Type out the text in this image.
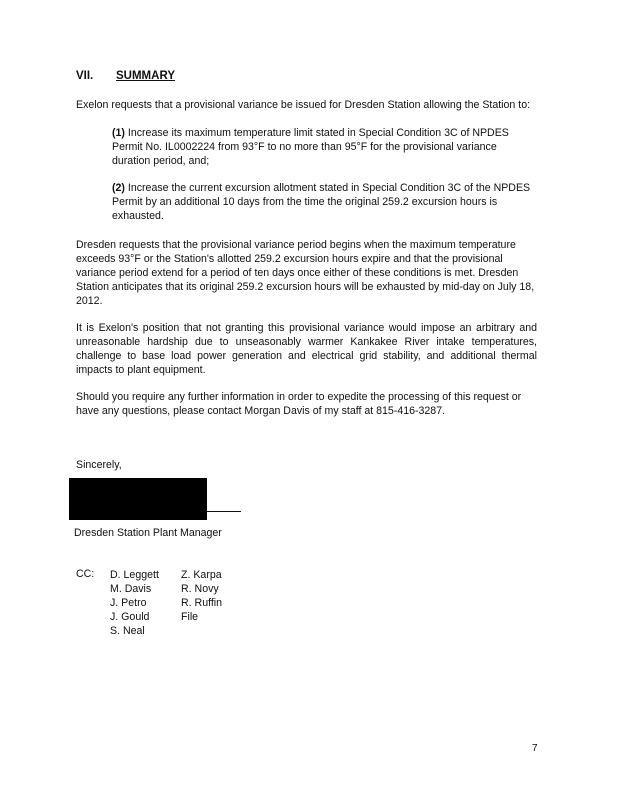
VII. SUMMARY

Exelon requests that a provisional variance be issued for Dresden Station allowing the Station to:

(1) Increase its maximum temperature limit stated in Special Condition 3C of NPDES Permit No. IL0002224 from 93°F to no more than 95°F for the provisional variance duration period, and;

(2) Increase the current excursion allotment stated in Special Condition 3C of the NPDES Permit by an additional 10 days from the time the original 259.2 excursion hours is exhausted.

Dresden requests that the provisional variance period begins when the maximum temperature exceeds 93°F or the Station's allotted 259.2 excursion hours expire and that the provisional variance period extend for a period of ten days once either of these conditions is met. Dresden Station anticipates that its original 259.2 excursion hours will be exhausted by mid-day on July 18, 2012.

It is Exelon's position that not granting this provisional variance would impose an arbitrary and unreasonable hardship due to unseasonably warmer Kankakee River intake temperatures, challenge to base load power generation and electrical grid stability, and additional thermal impacts to plant equipment.

Should you require any further information in order to expedite the processing of this request or have any questions, please contact Morgan Davis of my staff at 815-416-3287.

Sincerely,
Dresden Station Plant Manager
CC: D. Leggett
M. Davis
J. Petro
J. Gould
S. Neal
Z. Karpa
R. Novy
R. Ruffin
File
7
